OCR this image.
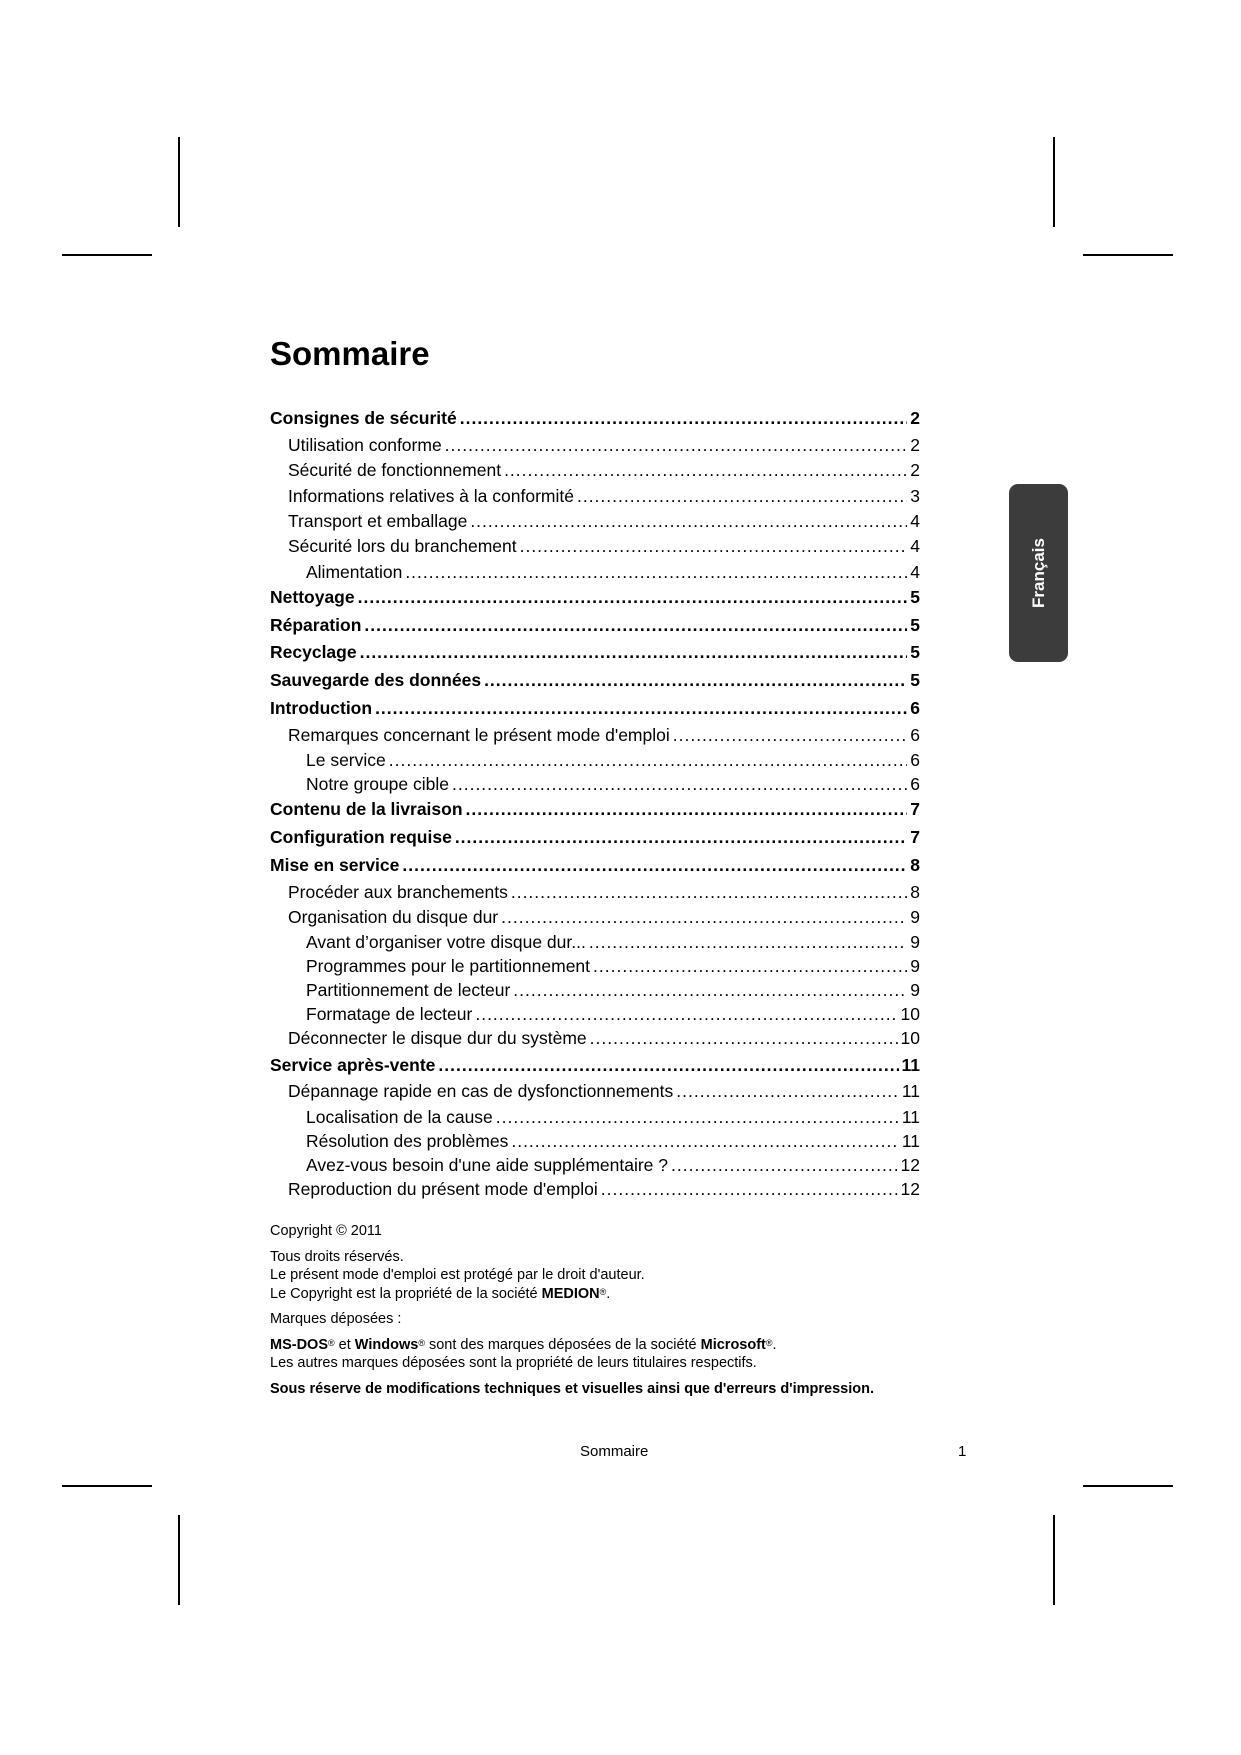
Sommaire
Consignes de sécurité .....	2
Utilisation conforme .....	2
Sécurité de fonctionnement .....	2
Informations relatives à la conformité .....	3
Transport et emballage .....	4
Sécurité lors du branchement .....	4
Alimentation .....	4
Nettoyage .....	5
Réparation .....	5
Recyclage .....	5
Sauvegarde des données .....	5
Introduction .....	6
Remarques concernant le présent mode d'emploi .....	6
Le service .....	6
Notre groupe cible .....	6
Contenu de la livraison .....	7
Configuration requise .....	7
Mise en service .....	8
Procéder aux branchements .....	8
Organisation du disque dur .....	9
Avant d’organiser votre disque dur... .....	9
Programmes pour le partitionnement .....	9
Partitionnement de lecteur .....	9
Formatage de lecteur .....	10
Déconnecter le disque dur du système .....	10
Service après-vente .....	11
Dépannage rapide en cas de dysfonctionnements .....	11
Localisation de la cause .....	11
Résolution des problèmes .....	11
Avez-vous besoin d'une aide supplémentaire ? .....	12
Reproduction du présent mode d'emploi .....	12

Copyright © 2011

Tous droits réservés.

Le présent mode d'emploi est protégé par le droit d'auteur.

Le Copyright est la propriété de la société MEDION®.

Marques déposées :

MS-DOS® et Windows® sont des marques déposées de la société Microsoft®.

Les autres marques déposées sont la propriété de leurs titulaires respectifs.

Sous réserve de modifications techniques et visuelles ainsi que d'erreurs d'impression.

Sommaire	1
Français
